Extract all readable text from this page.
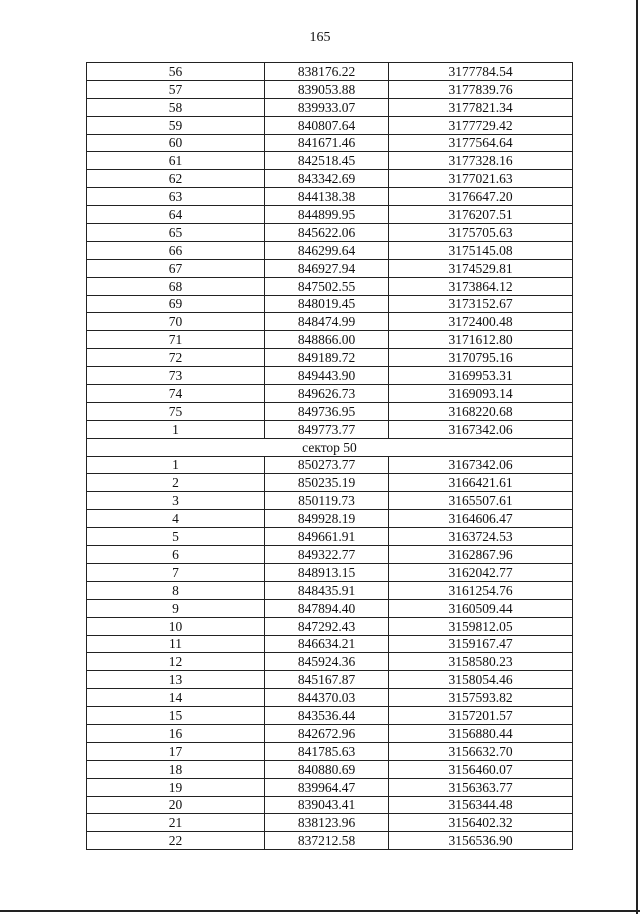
165
56	838176.22	3177784.54
57	839053.88	3177839.76
58	839933.07	3177821.34
59	840807.64	3177729.42
60	841671.46	3177564.64
61	842518.45	3177328.16
62	843342.69	3177021.63
63	844138.38	3176647.20
64	844899.95	3176207.51
65	845622.06	3175705.63
66	846299.64	3175145.08
67	846927.94	3174529.81
68	847502.55	3173864.12
69	848019.45	3173152.67
70	848474.99	3172400.48
71	848866.00	3171612.80
72	849189.72	3170795.16
73	849443.90	3169953.31
74	849626.73	3169093.14
75	849736.95	3168220.68
1	849773.77	3167342.06
сектор 50		
1	850273.77	3167342.06
2	850235.19	3166421.61
3	850119.73	3165507.61
4	849928.19	3164606.47
5	849661.91	3163724.53
6	849322.77	3162867.96
7	848913.15	3162042.77
8	848435.91	3161254.76
9	847894.40	3160509.44
10	847292.43	3159812.05
11	846634.21	3159167.47
12	845924.36	3158580.23
13	845167.87	3158054.46
14	844370.03	3157593.82
15	843536.44	3157201.57
16	842672.96	3156880.44
17	841785.63	3156632.70
18	840880.69	3156460.07
19	839964.47	3156363.77
20	839043.41	3156344.48
21	838123.96	3156402.32
22	837212.58	3156536.90
